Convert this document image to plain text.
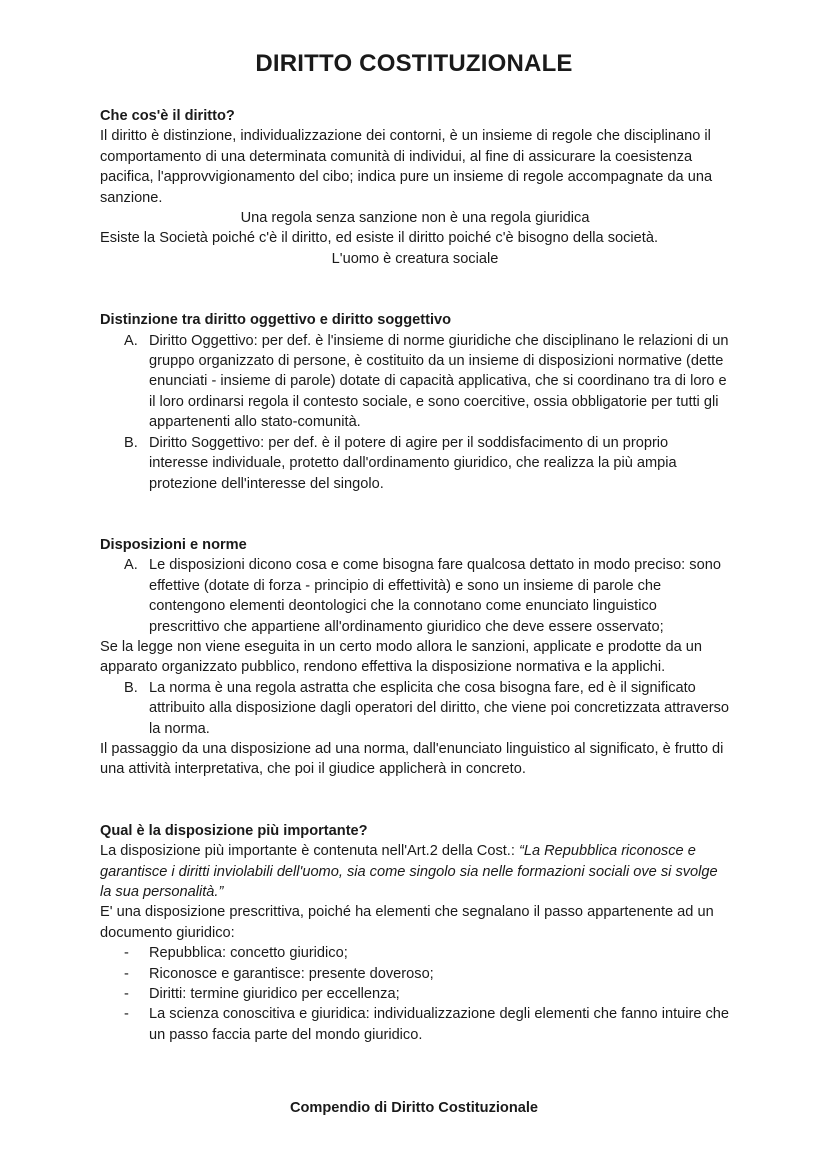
DIRITTO COSTITUZIONALE

Che cos'è il diritto?

Il diritto è distinzione, individualizzazione dei contorni, è un insieme di regole che disciplinano il comportamento di una determinata comunità di individui, al fine di assicurare la coesistenza pacifica, l'approvvigionamento del cibo; indica pure un insieme di regole accompagnate da una sanzione.

Una regola senza sanzione non è una regola giuridica

Esiste la Società poiché c'è il diritto, ed esiste il diritto poiché c'è bisogno della società.

L'uomo è creatura sociale

Distinzione tra diritto oggettivo e diritto soggettivo

A. Diritto Oggettivo: per def. è l'insieme di norme giuridiche che disciplinano le relazioni di un gruppo organizzato di persone, è costituito da un insieme di disposizioni normative (dette enunciati - insieme di parole) dotate di capacità applicativa, che si coordinano tra di loro e il loro ordinarsi regola il contesto sociale, e sono coercitive, ossia obbligatorie per tutti gli appartenenti allo stato-comunità.
B. Diritto Soggettivo: per def. è il potere di agire per il soddisfacimento di un proprio interesse individuale, protetto dall'ordinamento giuridico, che realizza la più ampia protezione dell'interesse del singolo.

Disposizioni e norme

A. Le disposizioni dicono cosa e come bisogna fare qualcosa dettato in modo preciso: sono effettive (dotate di forza - principio di effettività) e sono un insieme di parole che contengono elementi deontologici che la connotano come enunciato linguistico prescrittivo che appartiene all'ordinamento giuridico che deve essere osservato;

Se la legge non viene eseguita in un certo modo allora le sanzioni, applicate e prodotte da un apparato organizzato pubblico, rendono effettiva la disposizione normativa e la applichi.

B. La norma è una regola astratta che esplicita che cosa bisogna fare, ed è il significato attribuito alla disposizione dagli operatori del diritto, che viene poi concretizzata attraverso la norma.

Il passaggio da una disposizione ad una norma, dall'enunciato linguistico al significato, è frutto di una attività interpretativa, che poi il giudice applicherà in concreto.

Qual è la disposizione più importante?

La disposizione più importante è contenuta nell'Art.2 della Cost.: “La Repubblica riconosce e garantisce i diritti inviolabili dell'uomo, sia come singolo sia nelle formazioni sociali ove si svolge la sua personalità.”

E' una disposizione prescrittiva, poiché ha elementi che segnalano il passo appartenente ad un documento giuridico:

- Repubblica: concetto giuridico;
- Riconosce e garantisce: presente doveroso;
- Diritti: termine giuridico per eccellenza;
- La scienza conoscitiva e giuridica: individualizzazione degli elementi che fanno intuire che un passo faccia parte del mondo giuridico.
Compendio di Diritto Costituzionale
